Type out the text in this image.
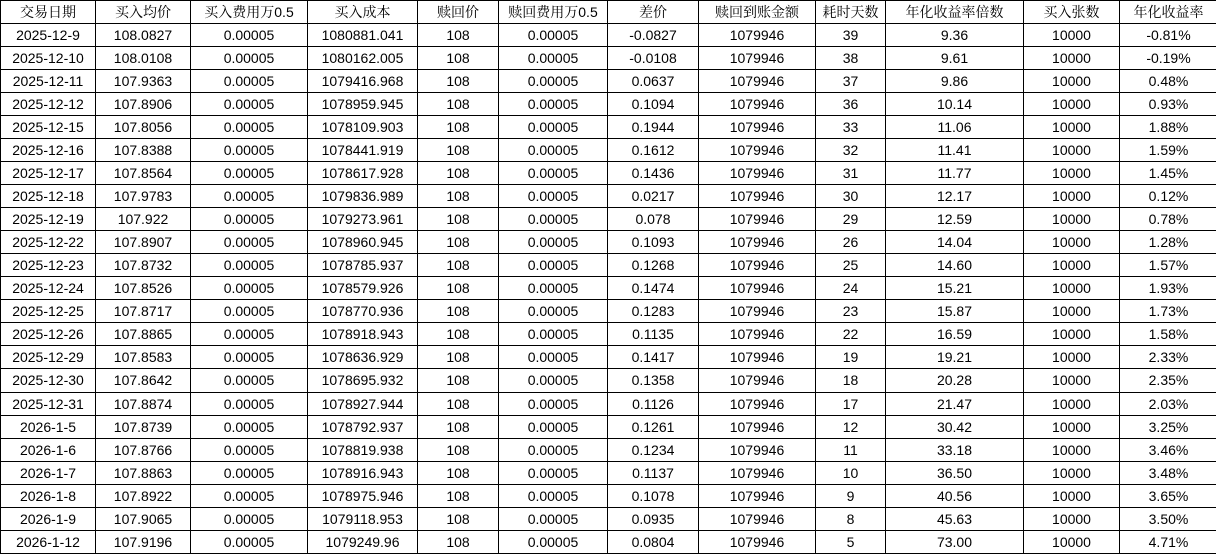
交易日期	买入均价	买入费用万0.5	买入成本	赎回价	赎回费用万0.5	差价	赎回到账金额	耗时天数	年化收益率倍数	买入张数	年化收益率
2025-12-9	108.0827	0.00005	1080881.041	108	0.00005	-0.0827	1079946	39	9.36	10000	-0.81%
2025-12-10	108.0108	0.00005	1080162.005	108	0.00005	-0.0108	1079946	38	9.61	10000	-0.19%
2025-12-11	107.9363	0.00005	1079416.968	108	0.00005	0.0637	1079946	37	9.86	10000	0.48%
2025-12-12	107.8906	0.00005	1078959.945	108	0.00005	0.1094	1079946	36	10.14	10000	0.93%
2025-12-15	107.8056	0.00005	1078109.903	108	0.00005	0.1944	1079946	33	11.06	10000	1.88%
2025-12-16	107.8388	0.00005	1078441.919	108	0.00005	0.1612	1079946	32	11.41	10000	1.59%
2025-12-17	107.8564	0.00005	1078617.928	108	0.00005	0.1436	1079946	31	11.77	10000	1.45%
2025-12-18	107.9783	0.00005	1079836.989	108	0.00005	0.0217	1079946	30	12.17	10000	0.12%
2025-12-19	107.922	0.00005	1079273.961	108	0.00005	0.078	1079946	29	12.59	10000	0.78%
2025-12-22	107.8907	0.00005	1078960.945	108	0.00005	0.1093	1079946	26	14.04	10000	1.28%
2025-12-23	107.8732	0.00005	1078785.937	108	0.00005	0.1268	1079946	25	14.60	10000	1.57%
2025-12-24	107.8526	0.00005	1078579.926	108	0.00005	0.1474	1079946	24	15.21	10000	1.93%
2025-12-25	107.8717	0.00005	1078770.936	108	0.00005	0.1283	1079946	23	15.87	10000	1.73%
2025-12-26	107.8865	0.00005	1078918.943	108	0.00005	0.1135	1079946	22	16.59	10000	1.58%
2025-12-29	107.8583	0.00005	1078636.929	108	0.00005	0.1417	1079946	19	19.21	10000	2.33%
2025-12-30	107.8642	0.00005	1078695.932	108	0.00005	0.1358	1079946	18	20.28	10000	2.35%
2025-12-31	107.8874	0.00005	1078927.944	108	0.00005	0.1126	1079946	17	21.47	10000	2.03%
2026-1-5	107.8739	0.00005	1078792.937	108	0.00005	0.1261	1079946	12	30.42	10000	3.25%
2026-1-6	107.8766	0.00005	1078819.938	108	0.00005	0.1234	1079946	11	33.18	10000	3.46%
2026-1-7	107.8863	0.00005	1078916.943	108	0.00005	0.1137	1079946	10	36.50	10000	3.48%
2026-1-8	107.8922	0.00005	1078975.946	108	0.00005	0.1078	1079946	9	40.56	10000	3.65%
2026-1-9	107.9065	0.00005	1079118.953	108	0.00005	0.0935	1079946	8	45.63	10000	3.50%
2026-1-12	107.9196	0.00005	1079249.96	108	0.00005	0.0804	1079946	5	73.00	10000	4.71%
